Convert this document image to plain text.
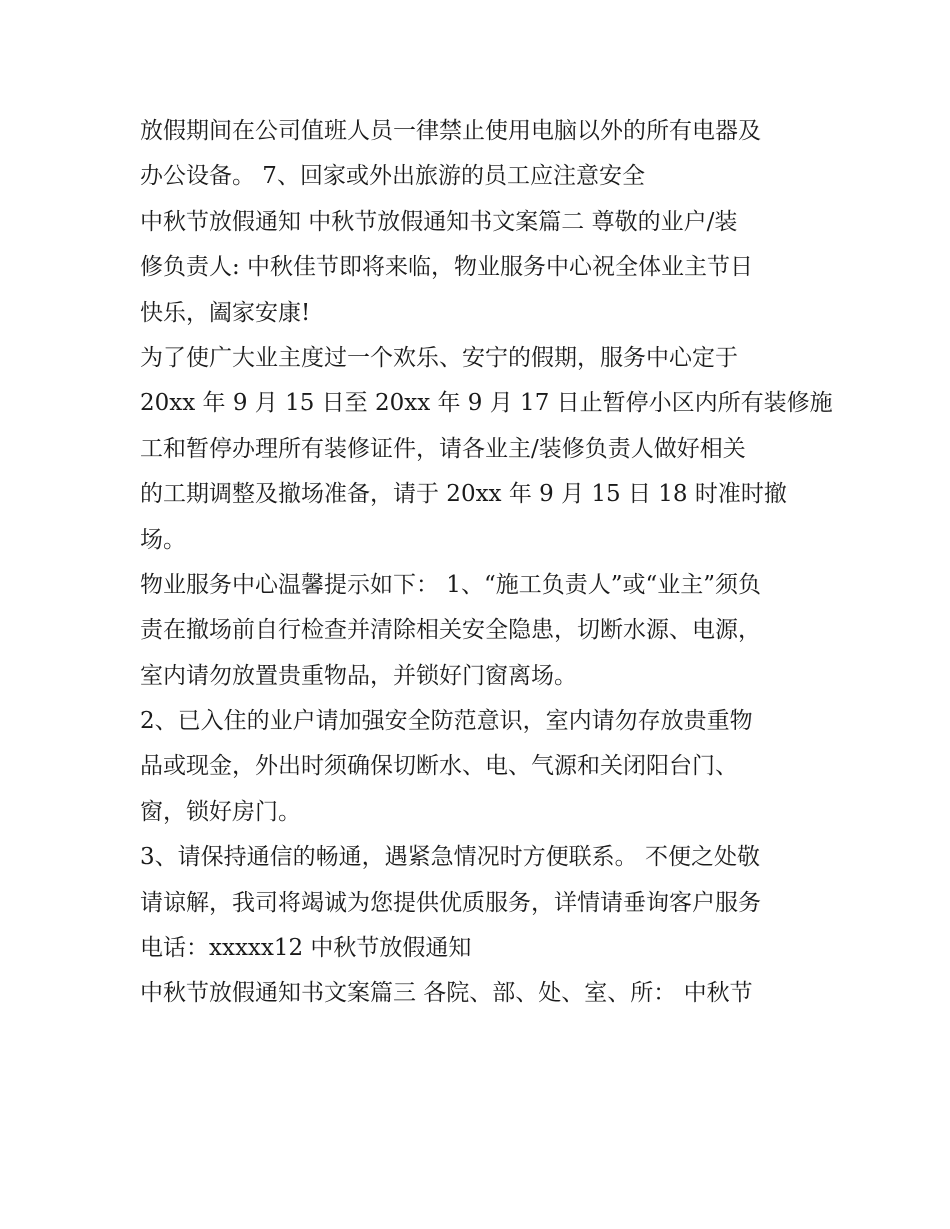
放假期间在公司值班人员一律禁止使用电脑以外的所有电器及
办公设备。 7、回家或外出旅游的员工应注意安全
中秋节放假通知 中秋节放假通知书文案篇二 尊敬的业户/装
修负责人: 中秋佳节即将来临，物业服务中心祝全体业主节日
快乐，阖家安康!
为了使广大业主度过一个欢乐、安宁的假期，服务中心定于
20xx 年 9 月 15 日至 20xx 年 9 月 17 日止暂停小区内所有装修施
工和暂停办理所有装修证件，请各业主/装修负责人做好相关
的工期调整及撤场准备，请于 20xx 年 9 月 15 日 18 时准时撤
场。
物业服务中心温馨提示如下： 1、“施工负责人”或“业主”须负
责在撤场前自行检查并清除相关安全隐患，切断水源、电源，
室内请勿放置贵重物品，并锁好门窗离场。
2、已入住的业户请加强安全防范意识，室内请勿存放贵重物
品或现金，外出时须确保切断水、电、气源和关闭阳台门、
窗，锁好房门。
3、请保持通信的畅通，遇紧急情况时方便联系。 不便之处敬
请谅解，我司将竭诚为您提供优质服务，详情请垂询客户服务
电话：xxxxx12 中秋节放假通知
中秋节放假通知书文案篇三 各院、部、处、室、所： 中秋节
